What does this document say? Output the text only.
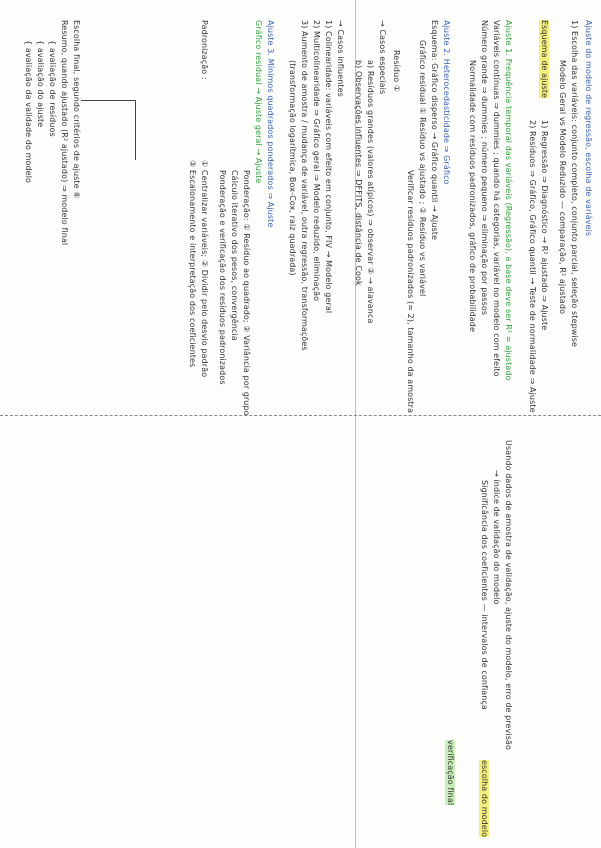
Ajuste do modelo de regressão, escolha de variáveis
1) Escolha das variáveis: conjunto completo, conjunto parcial, seleção stepwise
Modelo Geral vs Modelo Reduzido — comparação, R² ajustado
Esquema de ajuste
1) Regressão ⇒ Diagnóstico → R² ajustado ⇒ Ajuste
2) Resíduos ⇒ Gráfico, Gráfico quantil → Teste de normalidade ⇒ Ajuste
Ajuste 1. Frequência temporal das variáveis (Regressão), a base deve ser R² ≈ ajustado
Variáveis contínuas ⇒ dummies ; quando há categorias, variável no modelo com efeito
Número grande ⇒ dummies ; número pequeno ⇒ eliminação por passos
Normalidade com resíduos padronizados, gráfico de probabilidade
Ajuste 2. Heterocedasticidade ⇒ Gráfico
Esquema: Gráfico disperso → Gráfico quantil → Ajuste
Gráfico residual ① Resíduo vs ajustado ; ② Resíduo vs variável
Verificar resíduos padronizados (≈ 2), tamanho da amostra
Resíduo ①
→ Casos especiais
a) Resíduos grandes (valores atípicos) ⇒ observar ② → alavanca
b) Observações influentes ⇒ DFFITS, distância de Cook
→ Casos influentes
1) Colinearidade: variáveis com efeito em conjunto, FIV → Modelo geral
2) Multicolinearidade ⇒ Gráfico geral ⇒ Modelo reduzido, eliminação
3) Aumento de amostra / mudança de variável, outra regressão, transformações
(transformação logarítmica, Box-Cox, raiz quadrada)
Ajuste 3. Mínimos quadrados ponderados ⇒ Ajuste
Gráfico residual → Ajuste geral → Ajuste
Ponderação: ① Resíduo ao quadrado; ② Variância por grupo
Cálculo iterativo dos pesos, convergência
Ponderação e verificação dos resíduos padronizados
Padronização :
① Centralizar variáveis; ② Dividir pelo desvio padrão
③ Escalonamento e interpretação dos coeficientes
Escolha final, segundo critérios de ajuste ⑥
Resumo, quando ajustado (R² ajustado) ⇒ modelo final
{ avaliação de resíduos
{ avaliação do ajuste
{ avaliação da validade do modelo
Usando dados de amostra de validação, ajuste do modelo, erro de previsão
→ índice de validação do modelo
Significância dos coeficientes — intervalos de confiança
escolha do modelo
verificação final
